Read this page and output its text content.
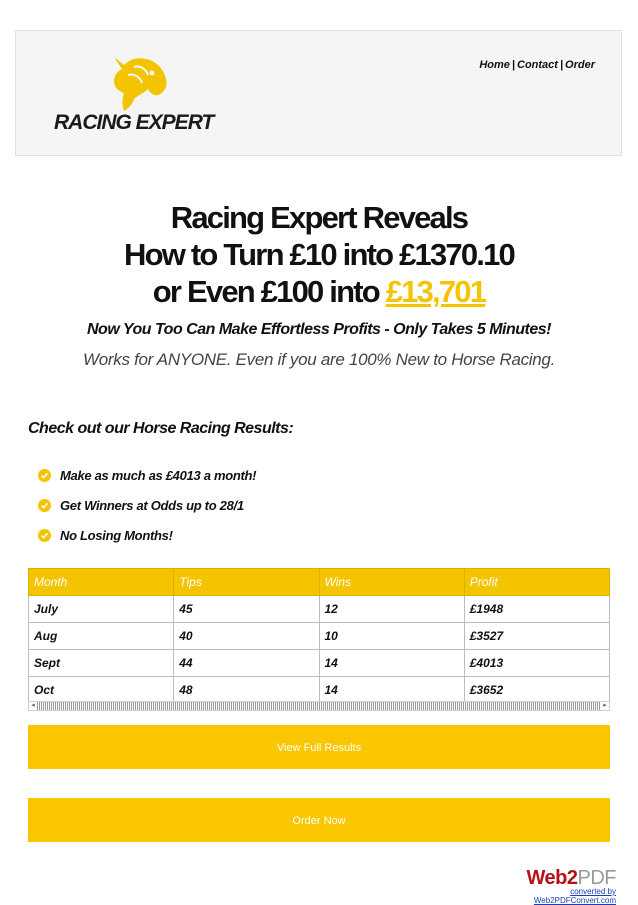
RACING EXPERT
Home | Contact | Order
Racing Expert Reveals
How to Turn £10 into £1370.10
or Even £100 into £13,701
Now You Too Can Make Effortless Profits - Only Takes 5 Minutes!
Works for ANYONE. Even if you are 100% New to Horse Racing.
Check out our Horse Racing Results:
Make as much as £4013 a month!
Get Winners at Odds up to 28/1
No Losing Months!
Month	Tips	Wins	Profit
July	45	12	£1948
Aug	40	10	£3527
Sept	44	14	£4013
Oct	48	14	£3652
◂	▸
View Full Results
Order Now
Web2PDF
converted by Web2PDFConvert.com
